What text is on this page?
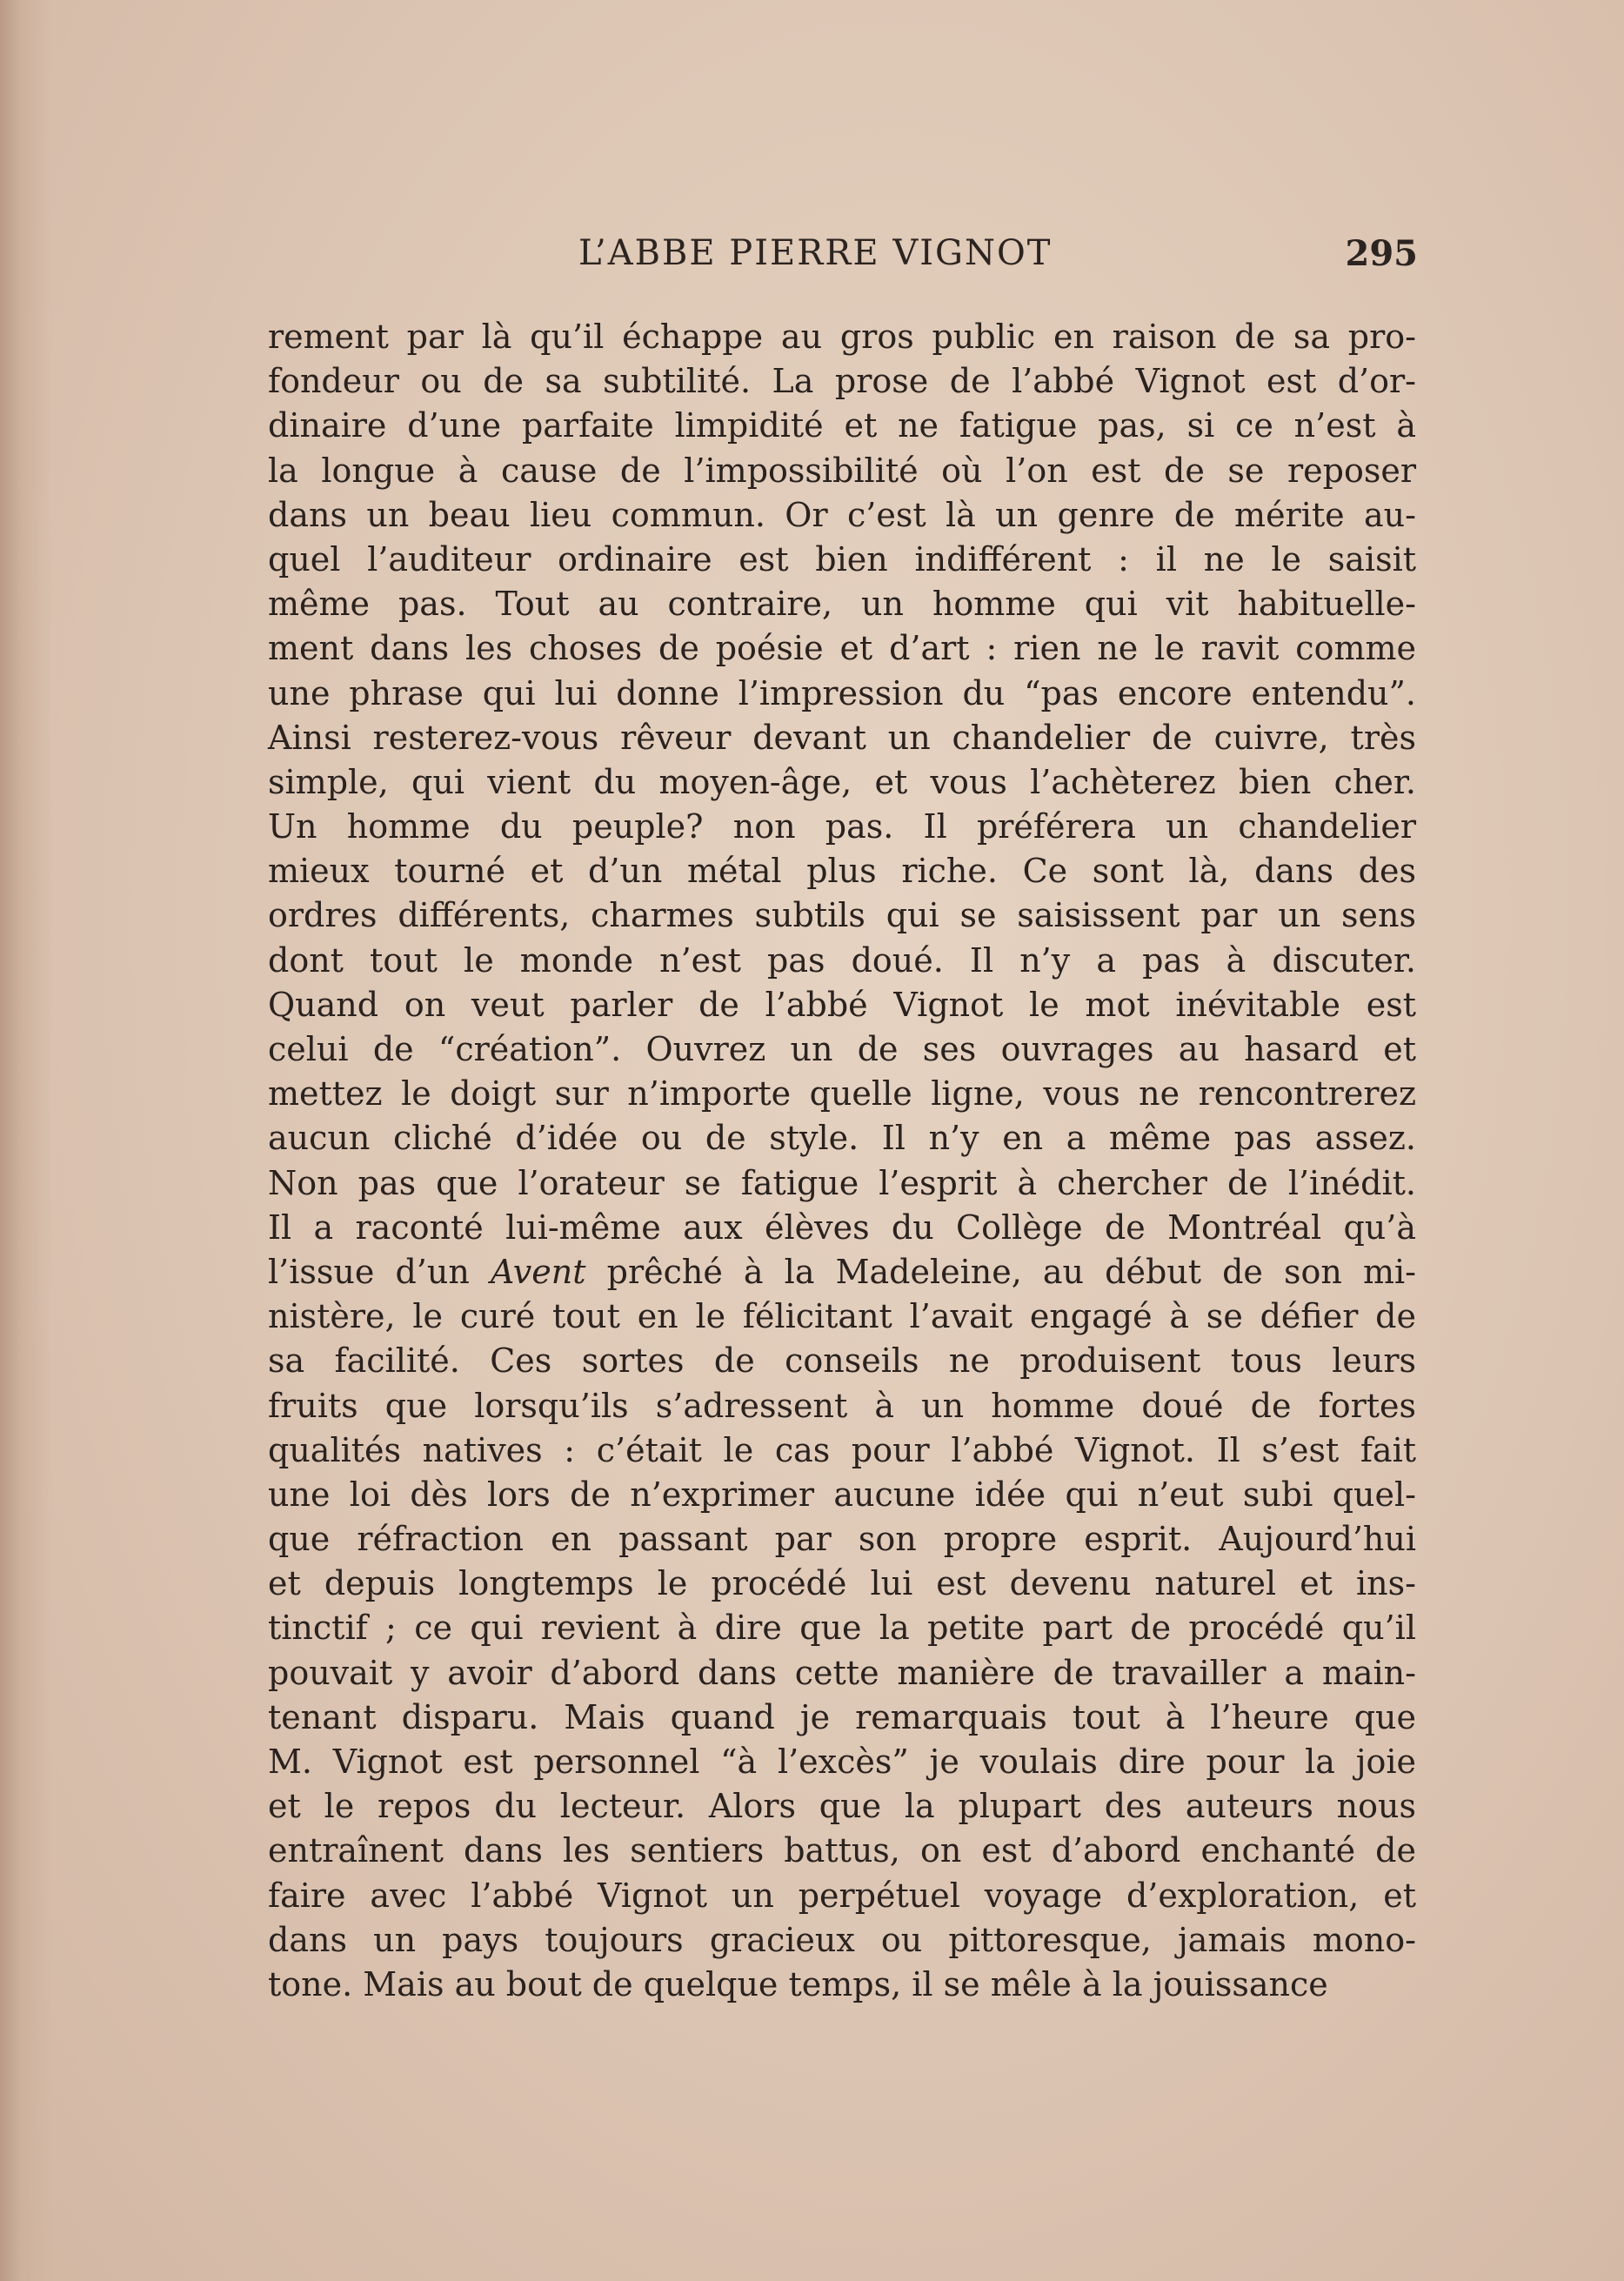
L’ABBE PIERRE VIGNOT	295
rement par là qu’il échappe au gros public en raison de sa pro-
fondeur ou de sa subtilité. La prose de l’abbé Vignot est d’or-
dinaire d’une parfaite limpidité et ne fatigue pas, si ce n’est à
la longue à cause de l’impossibilité où l’on est de se reposer
dans un beau lieu commun. Or c’est là un genre de mérite au-
quel l’auditeur ordinaire est bien indifférent : il ne le saisit
même pas. Tout au contraire, un homme qui vit habituelle-
ment dans les choses de poésie et d’art : rien ne le ravit comme
une phrase qui lui donne l’impression du “pas encore entendu”.
Ainsi resterez-vous rêveur devant un chandelier de cuivre, très
simple, qui vient du moyen-âge, et vous l’achèterez bien cher.
Un homme du peuple? non pas. Il préférera un chandelier
mieux tourné et d’un métal plus riche. Ce sont là, dans des
ordres différents, charmes subtils qui se saisissent par un sens
dont tout le monde n’est pas doué. Il n’y a pas à discuter.
Quand on veut parler de l’abbé Vignot le mot inévitable est
celui de “création”. Ouvrez un de ses ouvrages au hasard et
mettez le doigt sur n’importe quelle ligne, vous ne rencontrerez
aucun cliché d’idée ou de style. Il n’y en a même pas assez.
Non pas que l’orateur se fatigue l’esprit à chercher de l’inédit.
Il a raconté lui-même aux élèves du Collège de Montréal qu’à
l’issue d’un Avent prêché à la Madeleine, au début de son mi-
nistère, le curé tout en le félicitant l’avait engagé à se défier de
sa facilité. Ces sortes de conseils ne produisent tous leurs
fruits que lorsqu’ils s’adressent à un homme doué de fortes
qualités natives : c’était le cas pour l’abbé Vignot. Il s’est fait
une loi dès lors de n’exprimer aucune idée qui n’eut subi quel-
que réfraction en passant par son propre esprit. Aujourd’hui
et depuis longtemps le procédé lui est devenu naturel et ins-
tinctif ; ce qui revient à dire que la petite part de procédé qu’il
pouvait y avoir d’abord dans cette manière de travailler a main-
tenant disparu. Mais quand je remarquais tout à l’heure que
M. Vignot est personnel “à l’excès” je voulais dire pour la joie
et le repos du lecteur. Alors que la plupart des auteurs nous
entraînent dans les sentiers battus, on est d’abord enchanté de
faire avec l’abbé Vignot un perpétuel voyage d’exploration, et
dans un pays toujours gracieux ou pittoresque, jamais mono-
tone. Mais au bout de quelque temps, il se mêle à la jouissance
